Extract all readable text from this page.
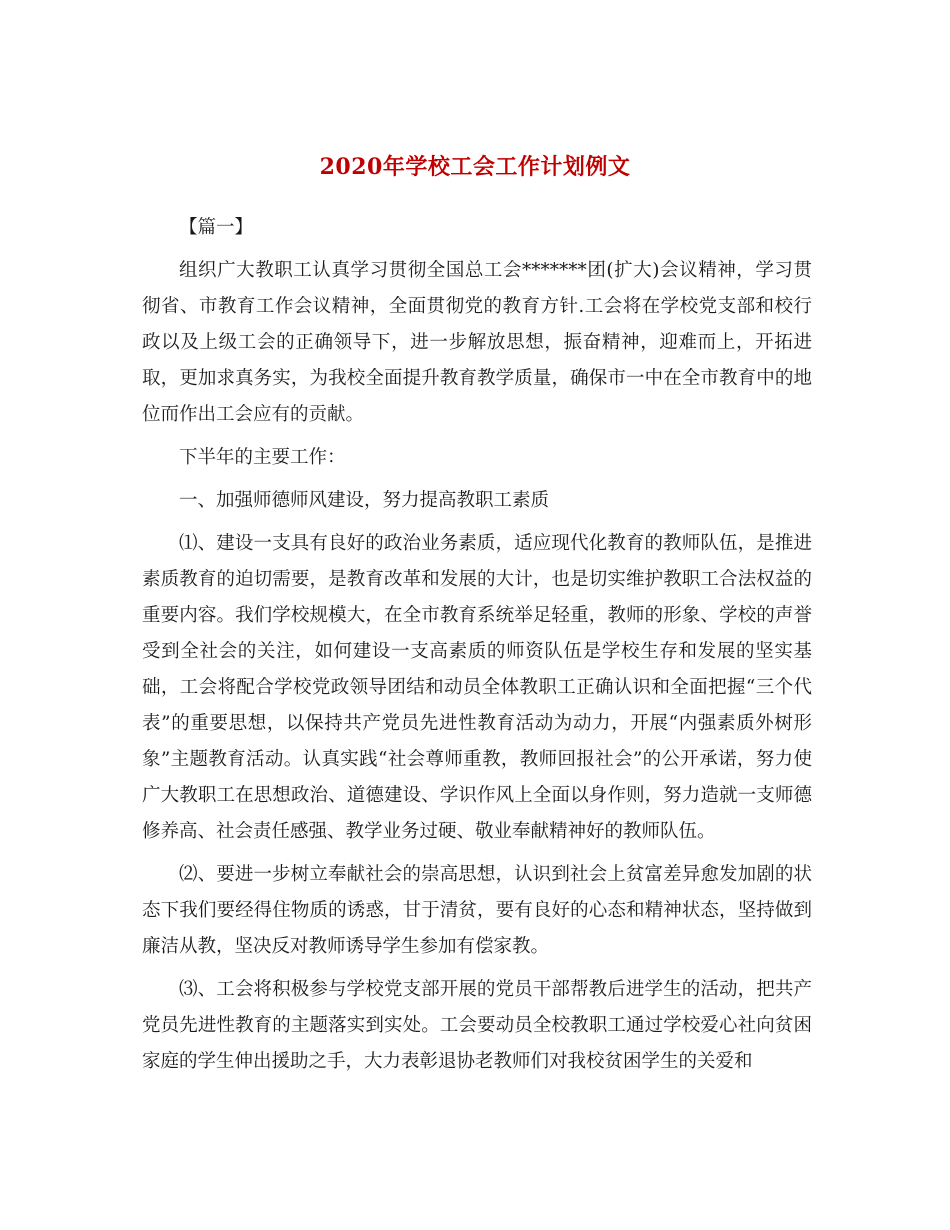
2020年学校工会工作计划例文

【篇一】

组织广大教职工认真学习贯彻全国总工会*******团(扩大)会议精神，学习贯彻省、市教育工作会议精神，全面贯彻党的教育方针.工会将在学校党支部和校行政以及上级工会的正确领导下，进一步解放思想，振奋精神，迎难而上，开拓进取，更加求真务实，为我校全面提升教育教学质量，确保市一中在全市教育中的地位而作出工会应有的贡献。

下半年的主要工作：

一、加强师德师风建设，努力提高教职工素质

⑴、建设一支具有良好的政治业务素质，适应现代化教育的教师队伍，是推进素质教育的迫切需要，是教育改革和发展的大计，也是切实维护教职工合法权益的重要内容。我们学校规模大，在全市教育系统举足轻重，教师的形象、学校的声誉受到全社会的关注，如何建设一支高素质的师资队伍是学校生存和发展的坚实基础，工会将配合学校党政领导团结和动员全体教职工正确认识和全面把握“三个代表”的重要思想，以保持共产党员先进性教育活动为动力，开展“内强素质外树形象”主题教育活动。认真实践“社会尊师重教，教师回报社会”的公开承诺，努力使广大教职工在思想政治、道德建设、学识作风上全面以身作则，努力造就一支师德修养高、社会责任感强、教学业务过硬、敬业奉献精神好的教师队伍。

⑵、要进一步树立奉献社会的崇高思想，认识到社会上贫富差异愈发加剧的状态下我们要经得住物质的诱惑，甘于清贫，要有良好的心态和精神状态，坚持做到廉洁从教，坚决反对教师诱导学生参加有偿家教。

⑶、工会将积极参与学校党支部开展的党员干部帮教后进学生的活动，把共产党员先进性教育的主题落实到实处。工会要动员全校教职工通过学校爱心社向贫困家庭的学生伸出援助之手，大力表彰退协老教师们对我校贫困学生的关爱和
